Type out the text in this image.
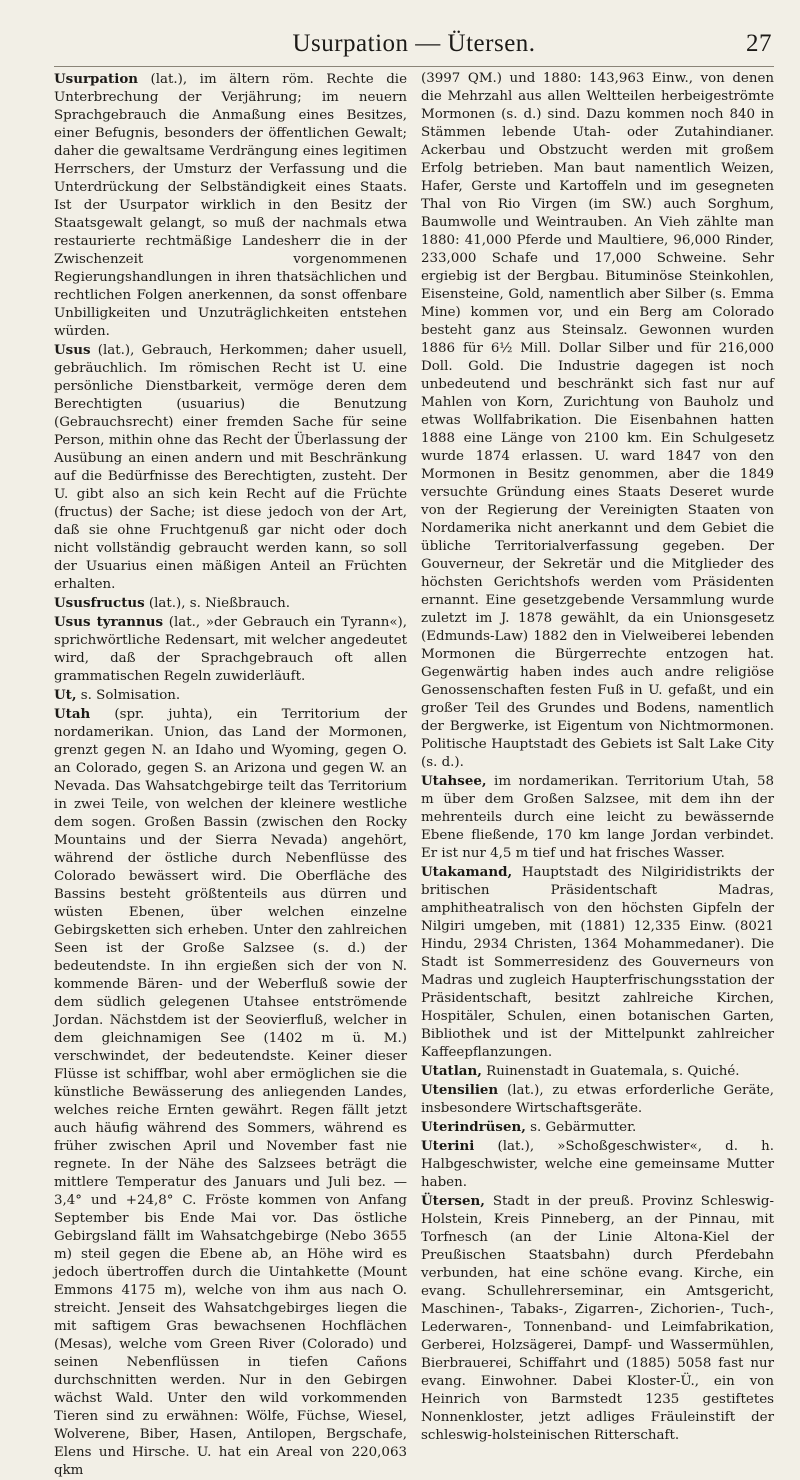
Usurpation — Ütersen.	27

Usurpation (lat.), im ältern röm. Rechte die Unterbrechung der Verjährung; im neuern Sprachgebrauch die Anmaßung eines Besitzes, einer Befugnis, besonders der öffentlichen Gewalt; daher die gewaltsame Verdrängung eines legitimen Herrschers, der Umsturz der Verfassung und die Unterdrückung der Selbständigkeit eines Staats. Ist der Usurpator wirklich in den Besitz der Staatsgewalt gelangt, so muß der nachmals etwa restaurierte rechtmäßige Landesherr die in der Zwischenzeit vorgenommenen Regierungshandlungen in ihren thatsächlichen und rechtlichen Folgen anerkennen, da sonst offenbare Unbilligkeiten und Unzuträglichkeiten entstehen würden.

Usus (lat.), Gebrauch, Herkommen; daher usuell, gebräuchlich. Im römischen Recht ist U. eine persönliche Dienstbarkeit, vermöge deren dem Berechtigten (usuarius) die Benutzung (Gebrauchsrecht) einer fremden Sache für seine Person, mithin ohne das Recht der Überlassung der Ausübung an einen andern und mit Beschränkung auf die Bedürfnisse des Berechtigten, zusteht. Der U. gibt also an sich kein Recht auf die Früchte (fructus) der Sache; ist diese jedoch von der Art, daß sie ohne Fruchtgenuß gar nicht oder doch nicht vollständig gebraucht werden kann, so soll der Usuarius einen mäßigen Anteil an Früchten erhalten.

Ususfructus (lat.), s. Nießbrauch.

Usus tyrannus (lat., »der Gebrauch ein Tyrann«), sprichwörtliche Redensart, mit welcher angedeutet wird, daß der Sprachgebrauch oft allen grammatischen Regeln zuwiderläuft.

Ut, s. Solmisation.

Utah (spr. juhta), ein Territorium der nordamerikan. Union, das Land der Mormonen, grenzt gegen N. an Idaho und Wyoming, gegen O. an Colorado, gegen S. an Arizona und gegen W. an Nevada. Das Wahsatchgebirge teilt das Territorium in zwei Teile, von welchen der kleinere westliche dem sogen. Großen Bassin (zwischen den Rocky Mountains und der Sierra Nevada) angehört, während der östliche durch Nebenflüsse des Colorado bewässert wird. Die Oberfläche des Bassins besteht größtenteils aus dürren und wüsten Ebenen, über welchen einzelne Gebirgsketten sich erheben. Unter den zahlreichen Seen ist der Große Salzsee (s. d.) der bedeutendste. In ihn ergießen sich der von N. kommende Bären- und der Weberfluß sowie der dem südlich gelegenen Utahsee entströmende Jordan. Nächstdem ist der Seovierfluß, welcher in dem gleichnamigen See (1402 m ü. M.) verschwindet, der bedeutendste. Keiner dieser Flüsse ist schiffbar, wohl aber ermöglichen sie die künstliche Bewässerung des anliegenden Landes, welches reiche Ernten gewährt. Regen fällt jetzt auch häufig während des Sommers, während es früher zwischen April und November fast nie regnete. In der Nähe des Salzsees beträgt die mittlere Temperatur des Januars und Juli bez. —3,4° und +24,8° C. Fröste kommen von Anfang September bis Ende Mai vor. Das östliche Gebirgsland fällt im Wahsatchgebirge (Nebo 3655 m) steil gegen die Ebene ab, an Höhe wird es jedoch übertroffen durch die Uintahkette (Mount Emmons 4175 m), welche von ihm aus nach O. streicht. Jenseit des Wahsatchgebirges liegen die mit saftigem Gras bewachsenen Hochflächen (Mesas), welche vom Green River (Colorado) und seinen Nebenflüssen in tiefen Cañons durchschnitten werden. Nur in den Gebirgen wächst Wald. Unter den wild vorkommenden Tieren sind zu erwähnen: Wölfe, Füchse, Wiesel, Wolverene, Biber, Hasen, Antilopen, Bergschafe, Elens und Hirsche. U. hat ein Areal von 220,063 qkm

(3997 QM.) und 1880: 143,963 Einw., von denen die Mehrzahl aus allen Weltteilen herbeigeströmte Mormonen (s. d.) sind. Dazu kommen noch 840 in Stämmen lebende Utah- oder Zutahindianer. Ackerbau und Obstzucht werden mit großem Erfolg betrieben. Man baut namentlich Weizen, Hafer, Gerste und Kartoffeln und im gesegneten Thal von Rio Virgen (im SW.) auch Sorghum, Baumwolle und Weintrauben. An Vieh zählte man 1880: 41,000 Pferde und Maultiere, 96,000 Rinder, 233,000 Schafe und 17,000 Schweine. Sehr ergiebig ist der Bergbau. Bituminöse Steinkohlen, Eisensteine, Gold, namentlich aber Silber (s. Emma Mine) kommen vor, und ein Berg am Colorado besteht ganz aus Steinsalz. Gewonnen wurden 1886 für 6½ Mill. Dollar Silber und für 216,000 Doll. Gold. Die Industrie dagegen ist noch unbedeutend und beschränkt sich fast nur auf Mahlen von Korn, Zurichtung von Bauholz und etwas Wollfabrikation. Die Eisenbahnen hatten 1888 eine Länge von 2100 km. Ein Schulgesetz wurde 1874 erlassen. U. ward 1847 von den Mormonen in Besitz genommen, aber die 1849 versuchte Gründung eines Staats Deseret wurde von der Regierung der Vereinigten Staaten von Nordamerika nicht anerkannt und dem Gebiet die übliche Territorialverfassung gegeben. Der Gouverneur, der Sekretär und die Mitglieder des höchsten Gerichtshofs werden vom Präsidenten ernannt. Eine gesetzgebende Versammlung wurde zuletzt im J. 1878 gewählt, da ein Unionsgesetz (Edmunds-Law) 1882 den in Vielweiberei lebenden Mormonen die Bürgerrechte entzogen hat. Gegenwärtig haben indes auch andre religiöse Genossenschaften festen Fuß in U. gefaßt, und ein großer Teil des Grundes und Bodens, namentlich der Bergwerke, ist Eigentum von Nichtmormonen. Politische Hauptstadt des Gebiets ist Salt Lake City (s. d.).

Utahsee, im nordamerikan. Territorium Utah, 58 m über dem Großen Salzsee, mit dem ihn der mehrenteils durch eine leicht zu bewässernde Ebene fließende, 170 km lange Jordan verbindet. Er ist nur 4,5 m tief und hat frisches Wasser.

Utakamand, Hauptstadt des Nilgiridistrikts der britischen Präsidentschaft Madras, amphitheatralisch von den höchsten Gipfeln der Nilgiri umgeben, mit (1881) 12,335 Einw. (8021 Hindu, 2934 Christen, 1364 Mohammedaner). Die Stadt ist Sommerresidenz des Gouverneurs von Madras und zugleich Haupterfrischungsstation der Präsidentschaft, besitzt zahlreiche Kirchen, Hospitäler, Schulen, einen botanischen Garten, Bibliothek und ist der Mittelpunkt zahlreicher Kaffeepflanzungen.

Utatlan, Ruinenstadt in Guatemala, s. Quiché.

Utensilien (lat.), zu etwas erforderliche Geräte, insbesondere Wirtschaftsgeräte.

Uterindrüsen, s. Gebärmutter.

Uterini (lat.), »Schoßgeschwister«, d. h. Halbgeschwister, welche eine gemeinsame Mutter haben.

Ütersen, Stadt in der preuß. Provinz Schleswig-Holstein, Kreis Pinneberg, an der Pinnau, mit Torfnesch (an der Linie Altona-Kiel der Preußischen Staatsbahn) durch Pferdebahn verbunden, hat eine schöne evang. Kirche, ein evang. Schullehrerseminar, ein Amtsgericht, Maschinen-, Tabaks-, Zigarren-, Zichorien-, Tuch-, Lederwaren-, Tonnenband- und Leimfabrikation, Gerberei, Holzsägerei, Dampf- und Wassermühlen, Bierbrauerei, Schiffahrt und (1885) 5058 fast nur evang. Einwohner. Dabei Kloster-Ü., ein von Heinrich von Barmstedt 1235 gestiftetes Nonnenkloster, jetzt adliges Fräuleinstift der schleswig-holsteinischen Ritterschaft.
